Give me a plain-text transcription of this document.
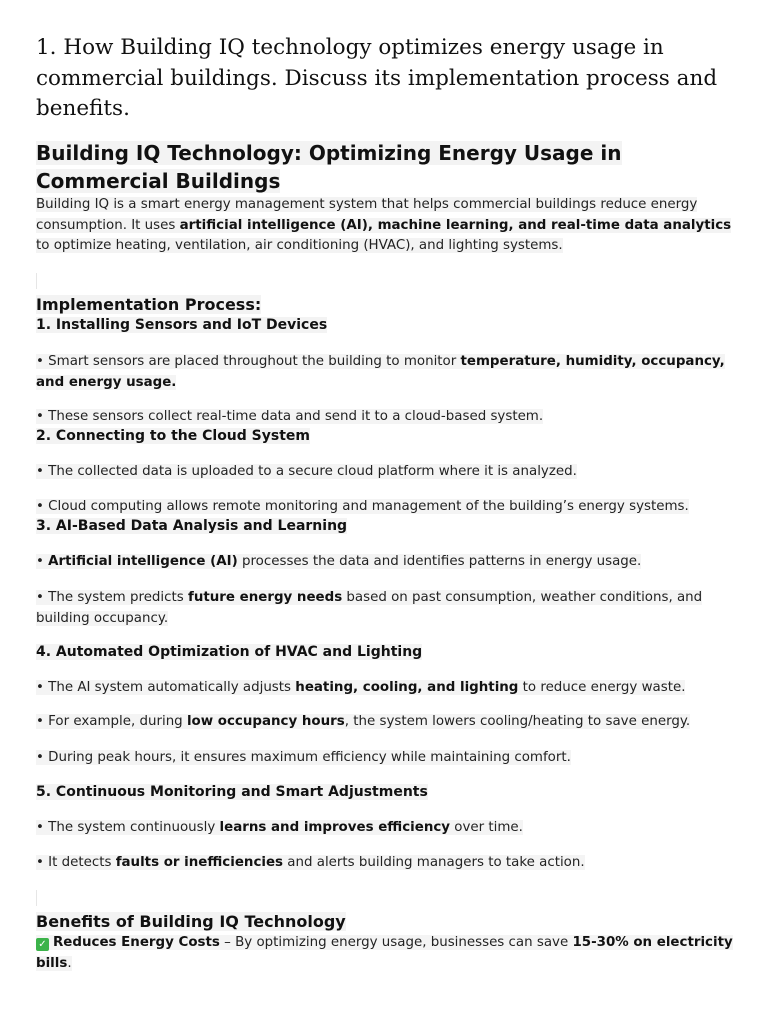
1. How Building IQ technology optimizes energy usage in commercial buildings. Discuss its implementation process and benefits.
Building IQ Technology: Optimizing Energy Usage in Commercial Buildings
Building IQ is a smart energy management system that helps commercial buildings reduce energy consumption. It uses artificial intelligence (AI), machine learning, and real-time data analytics to optimize heating, ventilation, air conditioning (HVAC), and lighting systems.
Implementation Process:
1. Installing Sensors and IoT Devices
• Smart sensors are placed throughout the building to monitor temperature, humidity, occupancy, and energy usage.
• These sensors collect real-time data and send it to a cloud-based system.
2. Connecting to the Cloud System
• The collected data is uploaded to a secure cloud platform where it is analyzed.
• Cloud computing allows remote monitoring and management of the building’s energy systems.
3. AI-Based Data Analysis and Learning
• Artificial intelligence (AI) processes the data and identifies patterns in energy usage.
• The system predicts future energy needs based on past consumption, weather conditions, and building occupancy.
4. Automated Optimization of HVAC and Lighting
• The AI system automatically adjusts heating, cooling, and lighting to reduce energy waste.
• For example, during low occupancy hours, the system lowers cooling/heating to save energy.
• During peak hours, it ensures maximum efficiency while maintaining comfort.
5. Continuous Monitoring and Smart Adjustments
• The system continuously learns and improves efficiency over time.
• It detects faults or inefficiencies and alerts building managers to take action.
Benefits of Building IQ Technology
✓ Reduces Energy Costs – By optimizing energy usage, businesses can save 15-30% on electricity bills.
